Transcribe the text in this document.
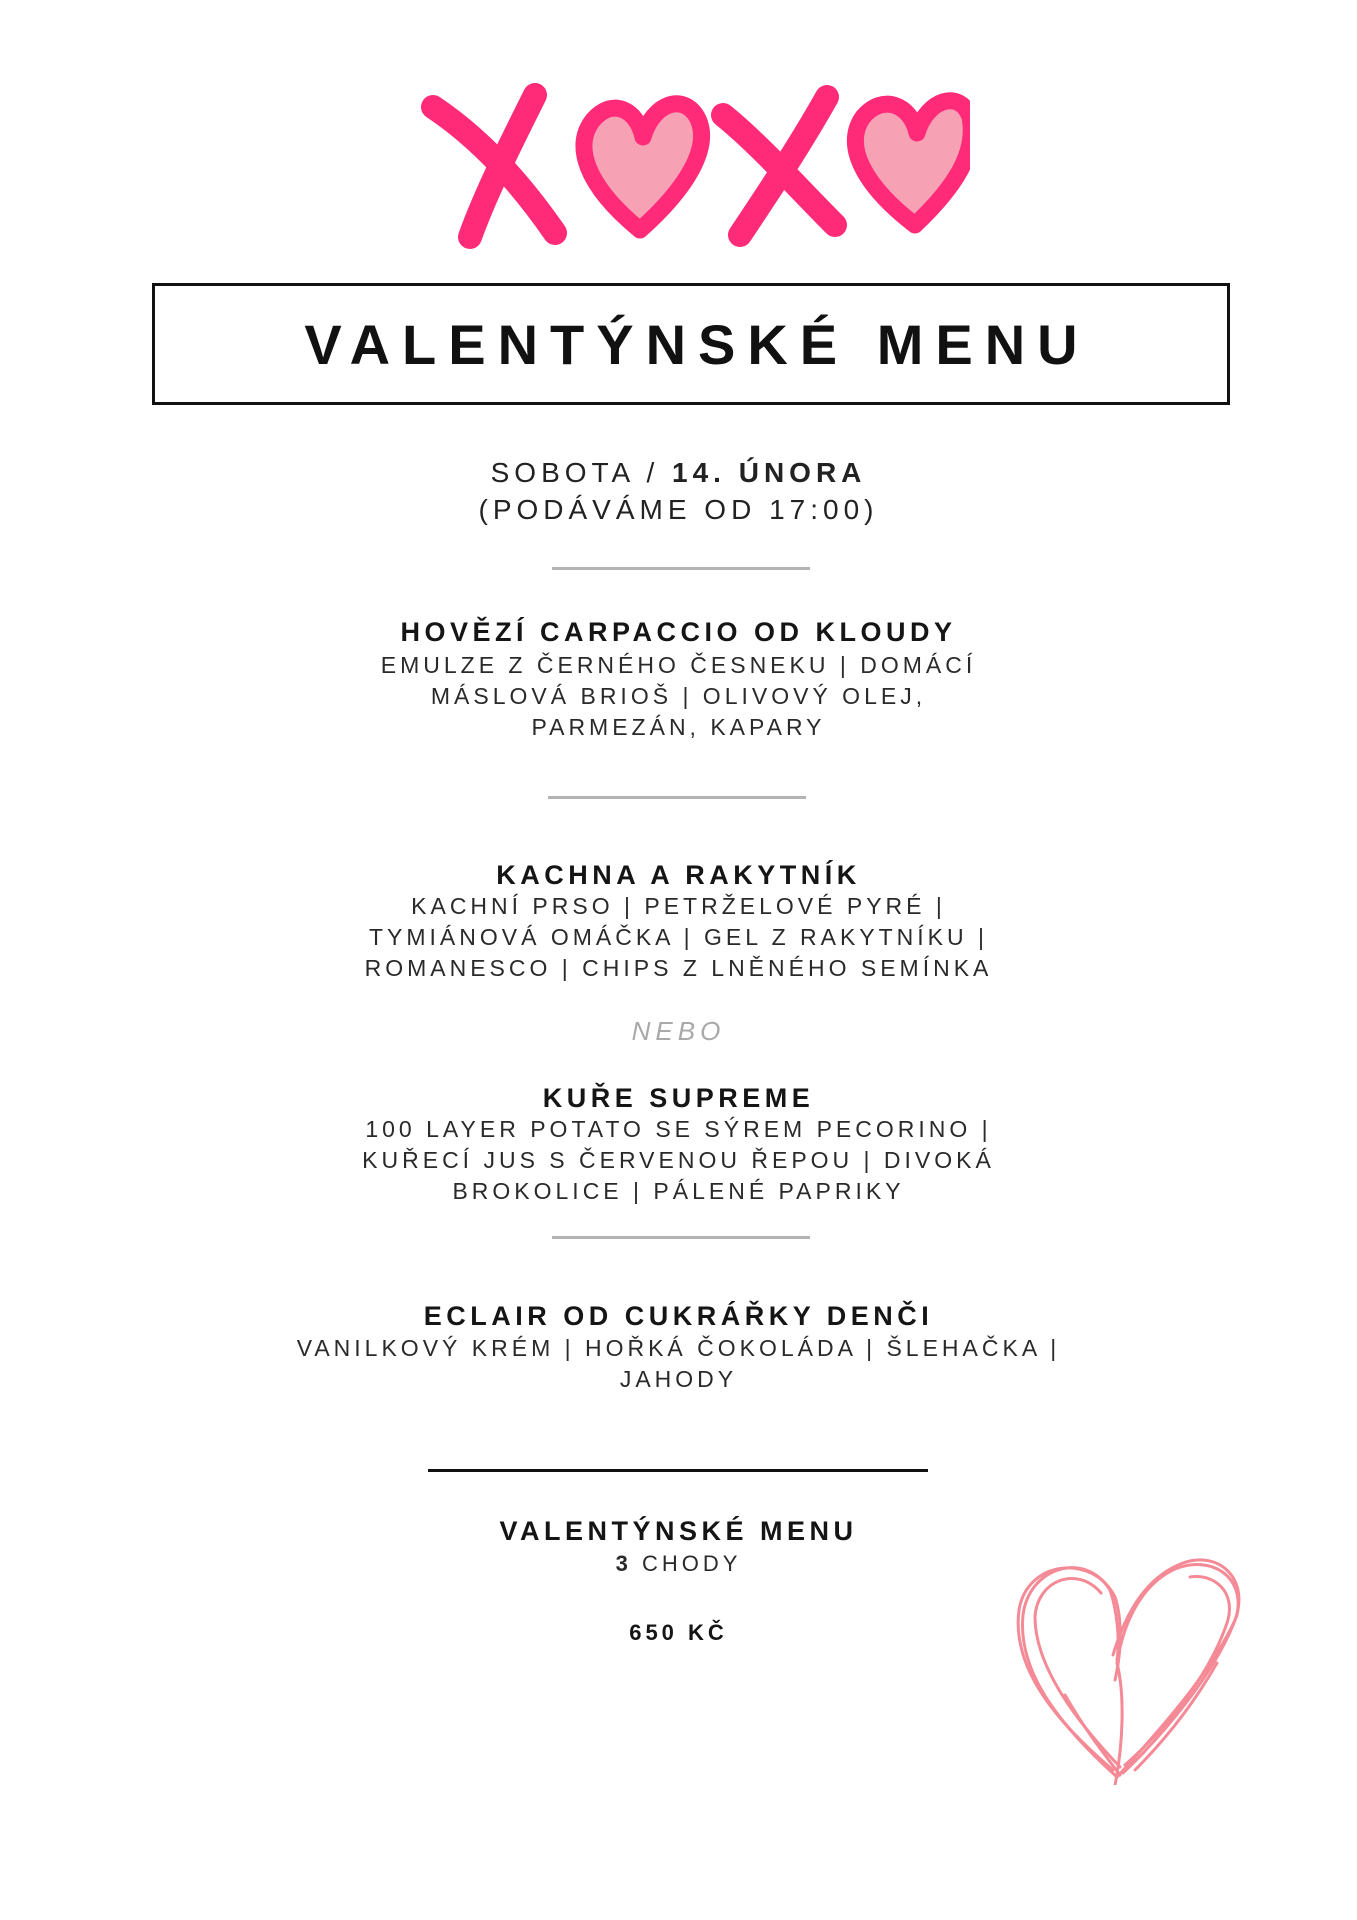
VALENTÝNSKÉ MENU
SOBOTA / 14. ÚNORA
(PODÁVÁME OD 17:00)
HOVĚZÍ CARPACCIO OD KLOUDY
EMULZE Z ČERNÉHO ČESNEKU | DOMÁCÍ
MÁSLOVÁ BRIOŠ | OLIVOVÝ OLEJ,
PARMEZÁN, KAPARY
KACHNA A RAKYTNÍK
KACHNÍ PRSO | PETRŽELOVÉ PYRÉ |
TYMIÁNOVÁ OMÁČKA | GEL Z RAKYTNÍKU |
ROMANESCO | CHIPS Z LNĚNÉHO SEMÍNKA
NEBO
KUŘE SUPREME
100 LAYER POTATO SE SÝREM PECORINO |
KUŘECÍ JUS S ČERVENOU ŘEPOU | DIVOKÁ
BROKOLICE | PÁLENÉ PAPRIKY
ECLAIR OD CUKRÁŘKY DENČI
VANILKOVÝ KRÉM | HOŘKÁ ČOKOLÁDA | ŠLEHAČKA |
JAHODY
VALENTÝNSKÉ MENU
3 CHODY
650 KČ
